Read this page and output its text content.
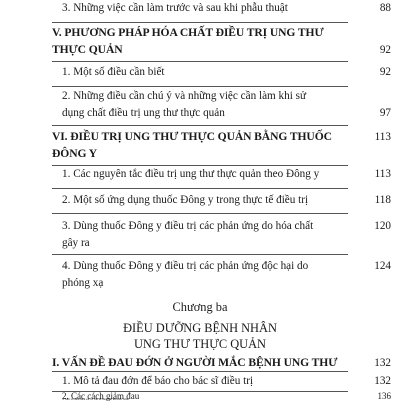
3. Những việc cần làm trước và sau khi phẫu thuật	88
V. PHƯƠNG PHÁP HÓA CHẤT ĐIỀU TRỊ UNG THƯ
THỰC QUẢN	92
1. Một số điều cần biết	92
2. Những điều cần chú ý và những việc cần làm khi sử
dụng chất điều trị ung thư thực quản	97
VI. ĐIỀU TRỊ UNG THƯ THỰC QUẢN BẰNG THUỐC	113
ĐÔNG Y
1. Các nguyên tắc điều trị ung thư thực quản theo Đông y	113
2. Một số ứng dụng thuốc Đông y trong thực tế điều trị	118
3. Dùng thuốc Đông y điều trị các phản ứng do hóa chất	120
gây ra
4. Dùng thuốc Đông y điều trị các phản ứng độc hại do	124
phóng xạ
Chương ba
ĐIỀU DƯỠNG BỆNH NHÂN
UNG THƯ THỰC QUẢN
I. VẤN ĐỀ ĐAU ĐỚN Ở NGƯỜI MẮC BỆNH UNG THƯ	132
1. Mô tả đau đớn để báo cho bác sĩ điều trị	132
2. Các cách giảm đau	136
3. Một số điều hiểu sai về vấn đề đau đớn khi mắc bệnh
